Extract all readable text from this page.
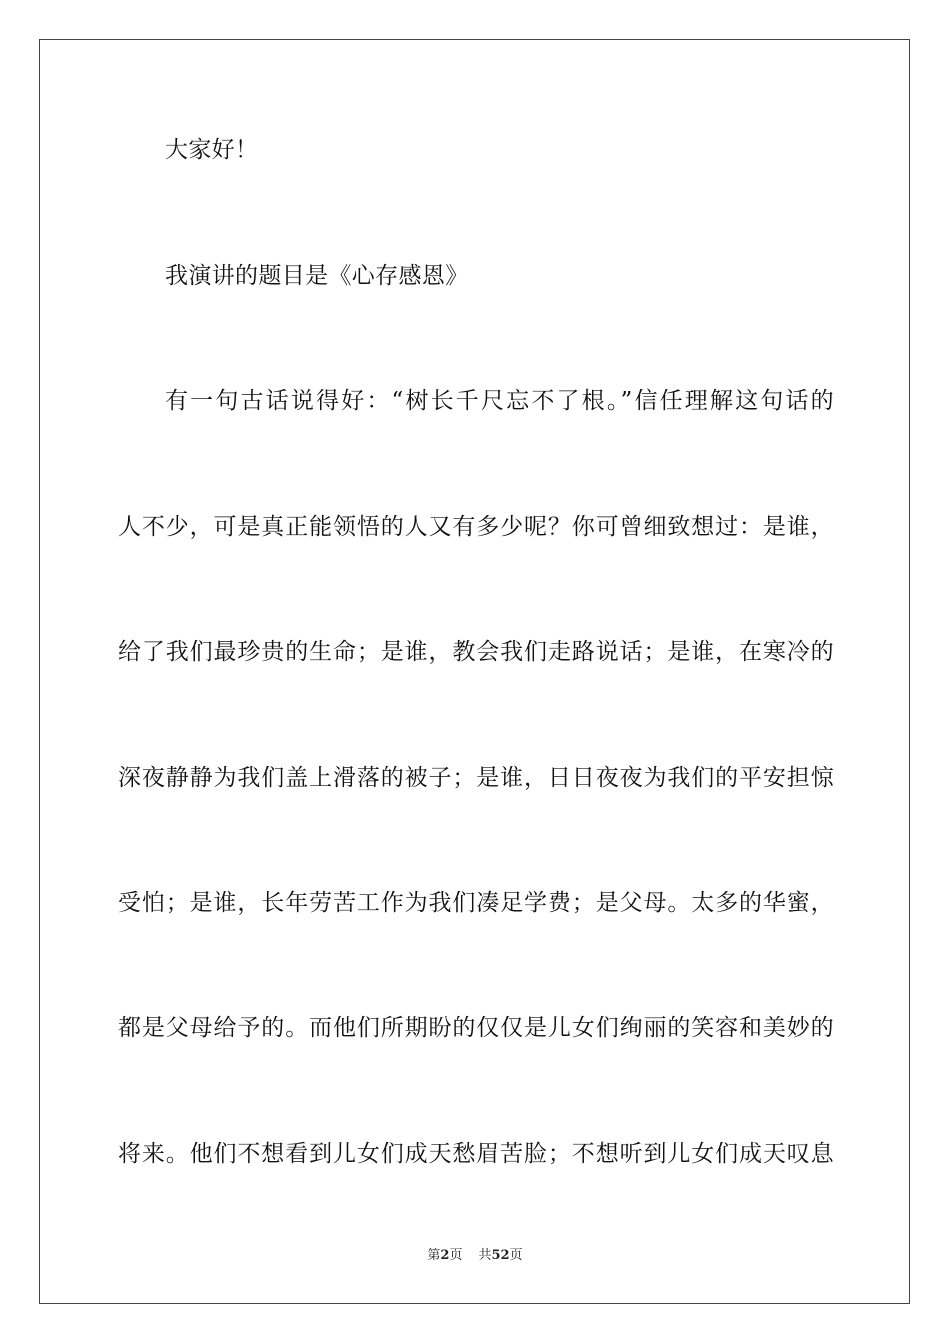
大家好！
我演讲的题目是《心存感恩》
有一句古话说得好：“树长千尺忘不了根。”信任理解这句话的
人不少，可是真正能领悟的人又有多少呢？你可曾细致想过：是谁，
给了我们最珍贵的生命；是谁，教会我们走路说话；是谁，在寒冷的
深夜静静为我们盖上滑落的被子；是谁，日日夜夜为我们的平安担惊
受怕；是谁，长年劳苦工作为我们凑足学费；是父母。太多的华蜜，
都是父母给予的。而他们所期盼的仅仅是儿女们绚丽的笑容和美妙的
将来。他们不想看到儿女们成天愁眉苦脸；不想听到儿女们成天叹息
第2页 共52页
